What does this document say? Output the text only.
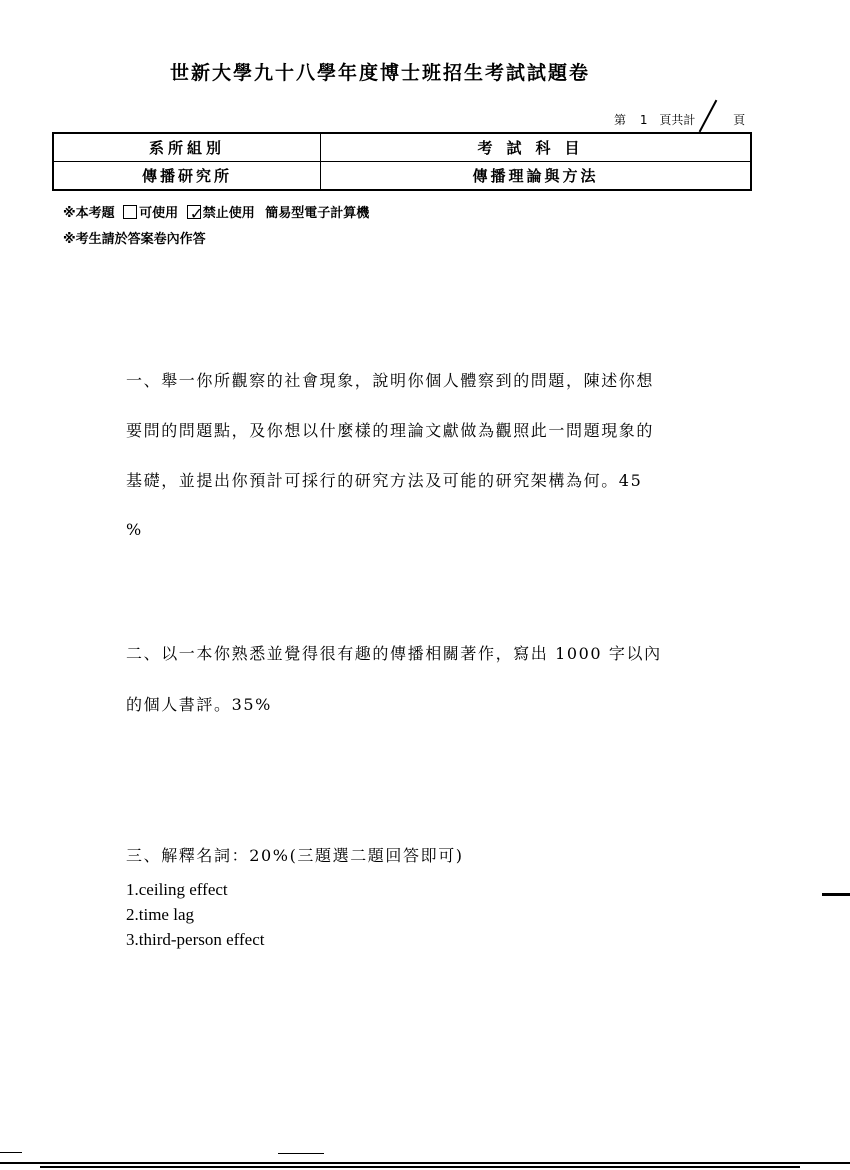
世新大學九十八學年度博士班招生考試試題卷
第 1 頁共計	頁
系所組別	考試科目
傳播研究所	傳播理論與方法
※本考題 可使用 ✓ 禁止使用 簡易型電子計算機
※考生請於答案卷內作答
一、舉一你所觀察的社會現象，說明你個人體察到的問題，陳述你想
要問的問題點，及你想以什麼樣的理論文獻做為觀照此一問題現象的
基礎，並提出你預計可採行的研究方法及可能的研究架構為何。45
%
二、以一本你熟悉並覺得很有趣的傳播相關著作，寫出 1000 字以內
的個人書評。35%
三、解釋名詞：20%(三題選二題回答即可)
1.ceiling effect
2.time lag
3.third-person effect
